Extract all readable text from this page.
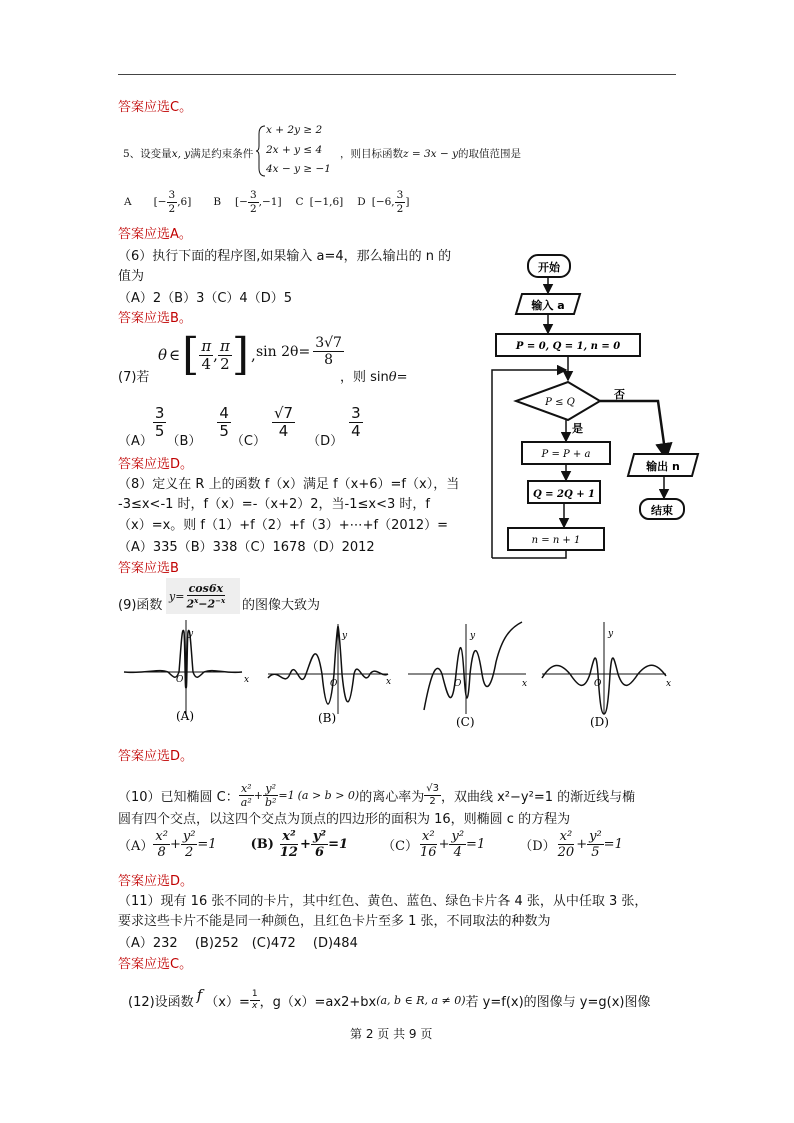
答案应选C。
5、设变量x, y满足约束条件
x + 2y ≥ 2
2x + y ≤ 4
4x − y ≥ −1
，则目标函数z = 3x − y的取值范围是
A [− $\frac{3}{2} ,6$] B [− $\frac{3}{2} ,-1$] C [−1,6] D [−6, $\frac{3}{2}$ ]
答案应选A。
（6）执行下面的程序图,如果输入 a=4，那么输出的 n 的
值为
（A）2（B）3（C）4（D）5
答案应选B。
开始
输入 a
P = 0, Q = 1, n = 0
P ≤ Q
否
是
P = P + a
Q = 2Q + 1
n = n + 1
输出 n
结束
(7)若
θ ∈ [ $\frac{\pi}{4}$ , $\frac{\pi}{2}$ ] , $\sin 2\theta= \frac{3√7}{8}$
，则 sinθ=
（A）
$\frac{3}{5}$
（B）
$\frac{4}{5}$
（C）
$\frac{√7}{4}$
（D）
$\frac{3}{4}$
答案应选D。
（8）定义在 R 上的函数 f（x）满足 f（x+6）=f（x），当
-3≤x<-1 时，f（x）=-（x+2）2，当-1≤x<3 时，f
（x）=x。则 f（1）+f（2）+f（3）+⋯+f（2012）=
（A）335（B）338（C）1678（D）2012
答案应选B
(9)函数
$y= \frac{\cos 6x}{2^x-2^{-x}}$ 的图像大致为
y
x
O
(A)
y
x
O
(B)
y
x
O
(C)
y
x
O
(D)
答案应选D。
（10）已知椭圆 C： $\frac{\text{x²}}{\text{a²}} + \frac{\text{y²}}{\text{b²}} =1$ (a > b > 0) 的离心率为 $\frac{√3}{2}$ ，双曲线 x²−y²=1 的渐近线与椭
圆有四个交点，以这四个交点为顶点的四边形的面积为 16，则椭圆 c 的方程为
$(A) \frac{\text{x²}}{8} + \frac{\text{y²}}{2} =1$	$(B) \frac{\text{x²}}{12} + \frac{\text{y²}}{6} =1$	$(C) \frac{\text{x²}}{16} + \frac{\text{y²}}{4} =1$	$(D) \frac{\text{x²}}{20} + \frac{\text{y²}}{5} =1$
答案应选D。
（11）现有 16 张不同的卡片，其中红色、黄色、蓝色、绿色卡片各 4 张，从中任取 3 张，
要求这些卡片不能是同一种颜色，且红色卡片至多 1 张，不同取法的种数为
（A）232　 (B)252　(C)472　 (D)484
答案应选C。
(12)设函数 f $(x)= \frac{1}{x}$ ，g（x）=ax2+bx (a, b ∈ R, a ≠ 0) 若 y=f(x)的图像与 y=g(x)图像
第 2 页 共 9 页
